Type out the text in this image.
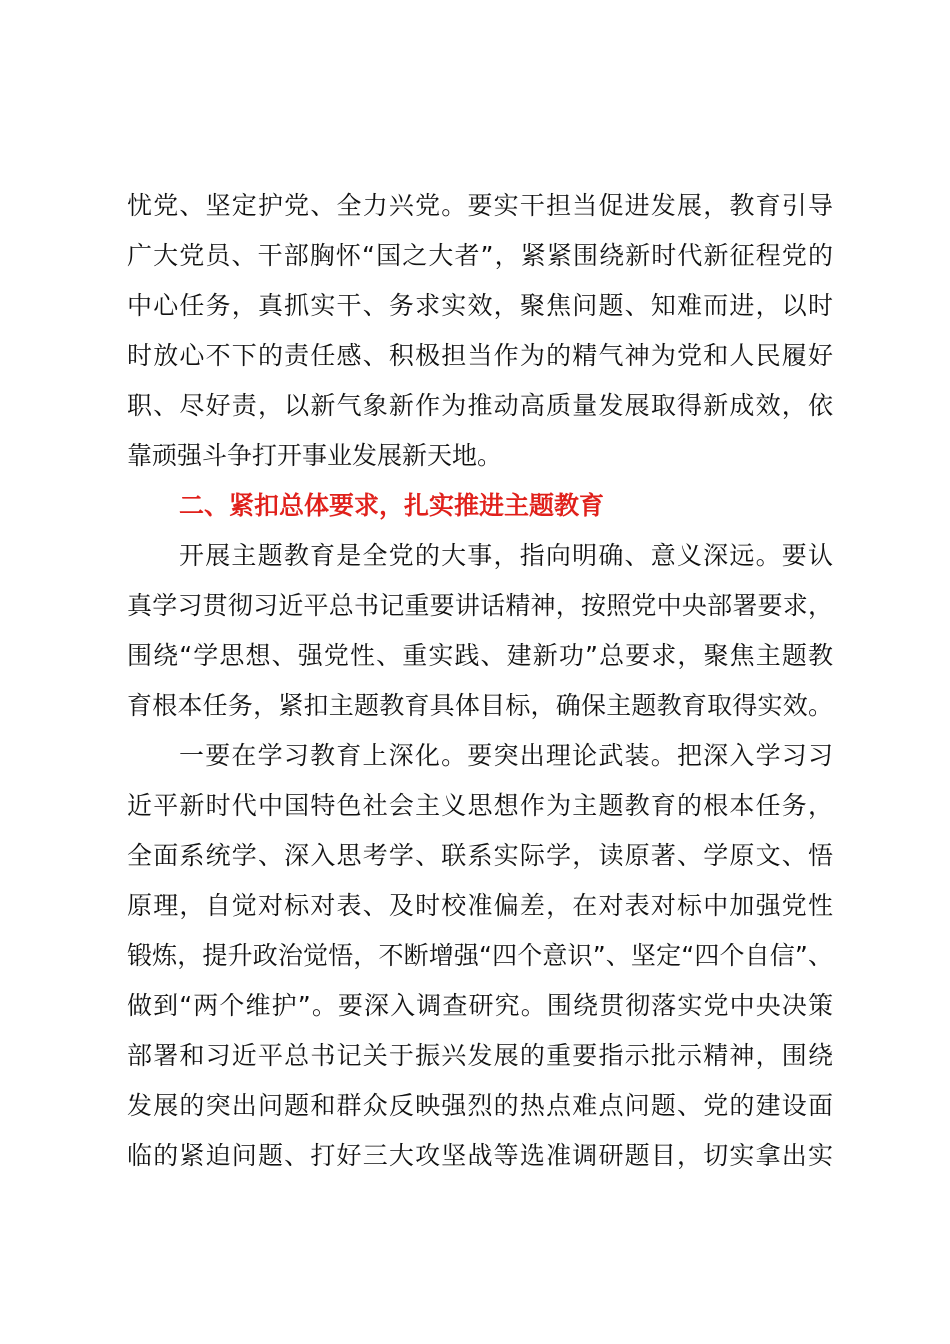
忧党、坚定护党、全力兴党。要实干担当促进发展，教育引导
广大党员、干部胸怀“国之大者”，紧紧围绕新时代新征程党的
中心任务，真抓实干、务求实效，聚焦问题、知难而进，以时
时放心不下的责任感、积极担当作为的精气神为党和人民履好
职、尽好责，以新气象新作为推动高质量发展取得新成效，依
靠顽强斗争打开事业发展新天地。
二、紧扣总体要求，扎实推进主题教育
开展主题教育是全党的大事，指向明确、意义深远。要认
真学习贯彻习近平总书记重要讲话精神，按照党中央部署要求，
围绕“学思想、强党性、重实践、建新功”总要求，聚焦主题教
育根本任务，紧扣主题教育具体目标，确保主题教育取得实效。
一要在学习教育上深化。要突出理论武装。把深入学习习
近平新时代中国特色社会主义思想作为主题教育的根本任务，
全面系统学、深入思考学、联系实际学，读原著、学原文、悟
原理，自觉对标对表、及时校准偏差，在对表对标中加强党性
锻炼，提升政治觉悟，不断增强“四个意识”、坚定“四个自信”、
做到“两个维护”。要深入调查研究。围绕贯彻落实党中央决策
部署和习近平总书记关于振兴发展的重要指示批示精神，围绕
发展的突出问题和群众反映强烈的热点难点问题、党的建设面
临的紧迫问题、打好三大攻坚战等选准调研题目，切实拿出实
